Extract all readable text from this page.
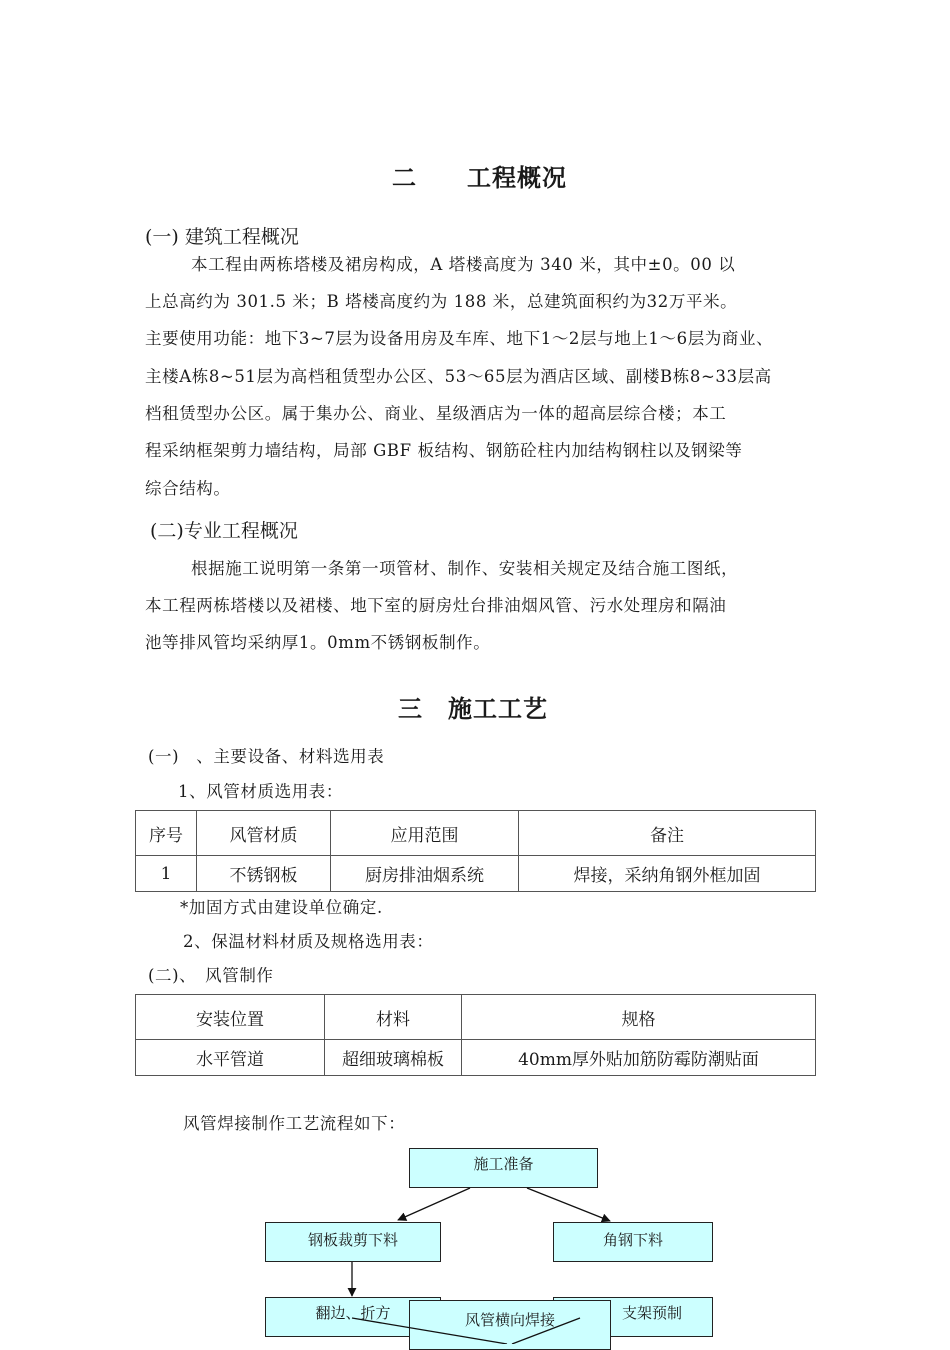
二　　工程概况
(一) 建筑工程概况
本工程由两栋塔楼及裙房构成，A 塔楼高度为 340 米，其中±0。00 以
上总高约为 301.5 米；B 塔楼高度约为 188 米，总建筑面积约为32万平米。
主要使用功能：地下3~7层为设备用房及车库、地下1～2层与地上1～6层为商业、
主楼A栋8~51层为高档租赁型办公区、53～65层为酒店区域、副楼B栋8~33层高
档租赁型办公区。属于集办公、商业、星级酒店为一体的超高层综合楼；本工
程采纳框架剪力墙结构，局部 GBF 板结构、钢筋砼柱内加结构钢柱以及钢梁等
综合结构。
(二)专业工程概况
根据施工说明第一条第一项管材、制作、安装相关规定及结合施工图纸，
本工程两栋塔楼以及裙楼、地下室的厨房灶台排油烟风管、污水处理房和隔油
池等排风管均采纳厚1。0mm不锈钢板制作。
三　施工工艺
(一)　、主要设备、材料选用表
1、风管材质选用表：
序号	风管材质	应用范围	备注
1	不锈钢板	厨房排油烟系统	焊接，采纳角钢外框加固
*加固方式由建设单位确定.
2、保温材料材质及规格选用表：
(二)、　风管制作
安装位置	材料	规格
水平管道	超细玻璃棉板	40mm厚外贴加筋防霉防潮贴面
风管焊接制作工艺流程如下：
施工准备
钢板裁剪下料	角钢下料
翻边、折方	支架预制
风管横向焊接
